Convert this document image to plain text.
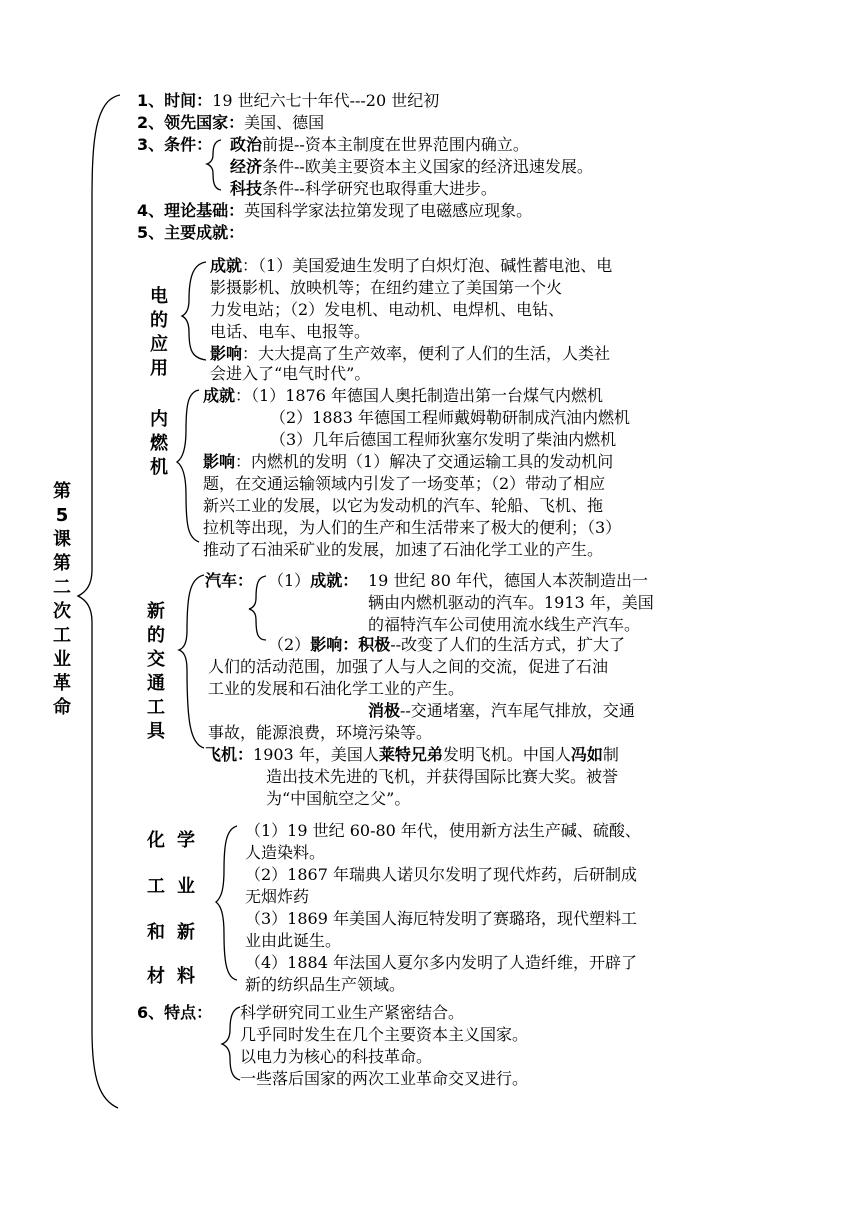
第5课 第二次工业革命
1、时间：19 世纪六七十年代---20 世纪初
2、领先国家：美国、德国
3、条件： 政治前提--资本主制度在世界范围内确立。
经济条件--欧美主要资本主义国家的经济迅速发展。
科技条件--科学研究也取得重大进步。
4、理论基础：英国科学家法拉第发现了电磁感应现象。
5、主要成就：
电的应用
成就：（1）美国爱迪生发明了白炽灯泡、碱性蓄电池、电
影摄影机、放映机等；在纽约建立了美国第一个火
力发电站；（2）发电机、电动机、电焊机、电钻、
电话、电车、电报等。
影响：大大提高了生产效率，便利了人们的生活，人类社
会进入了“电气时代”。
内燃机
成就：（1）1876 年德国人奥托制造出第一台煤气内燃机
（2）1883 年德国工程师戴姆勒研制成汽油内燃机
（3）几年后德国工程师狄塞尔发明了柴油内燃机
影响：内燃机的发明（1）解决了交通运输工具的发动机问
题，在交通运输领域内引发了一场变革；（2）带动了相应
新兴工业的发展，以它为发动机的汽车、轮船、飞机、拖
拉机等出现，为人们的生产和生活带来了极大的便利；（3）
推动了石油采矿业的发展，加速了石油化学工业的产生。
新的交通工具
汽车： （1）成就： 19 世纪 80 年代，德国人本茨制造出一
辆由内燃机驱动的汽车。1913 年，美国
的福特汽车公司使用流水线生产汽车。
（2）影响：积极--改变了人们的生活方式，扩大了
人们的活动范围，加强了人与人之间的交流，促进了石油
工业的发展和石油化学工业的产生。
消极--交通堵塞，汽车尾气排放，交通
事故，能源浪费，环境污染等。
飞机：1903 年，美国人莱特兄弟发明飞机。中国人冯如制
造出技术先进的飞机，并获得国际比赛大奖。被誉
为“中国航空之父”。
化学
工业
和新
材料
（1）19 世纪 60-80 年代，使用新方法生产碱、硫酸、
人造染料。
（2）1867 年瑞典人诺贝尔发明了现代炸药，后研制成
无烟炸药
（3）1869 年美国人海厄特发明了赛璐珞，现代塑料工
业由此诞生。
（4）1884 年法国人夏尔多内发明了人造纤维，开辟了
新的纺织品生产领域。
6、特点： 科学研究同工业生产紧密结合。
几乎同时发生在几个主要资本主义国家。
以电力为核心的科技革命。
一些落后国家的两次工业革命交叉进行。
